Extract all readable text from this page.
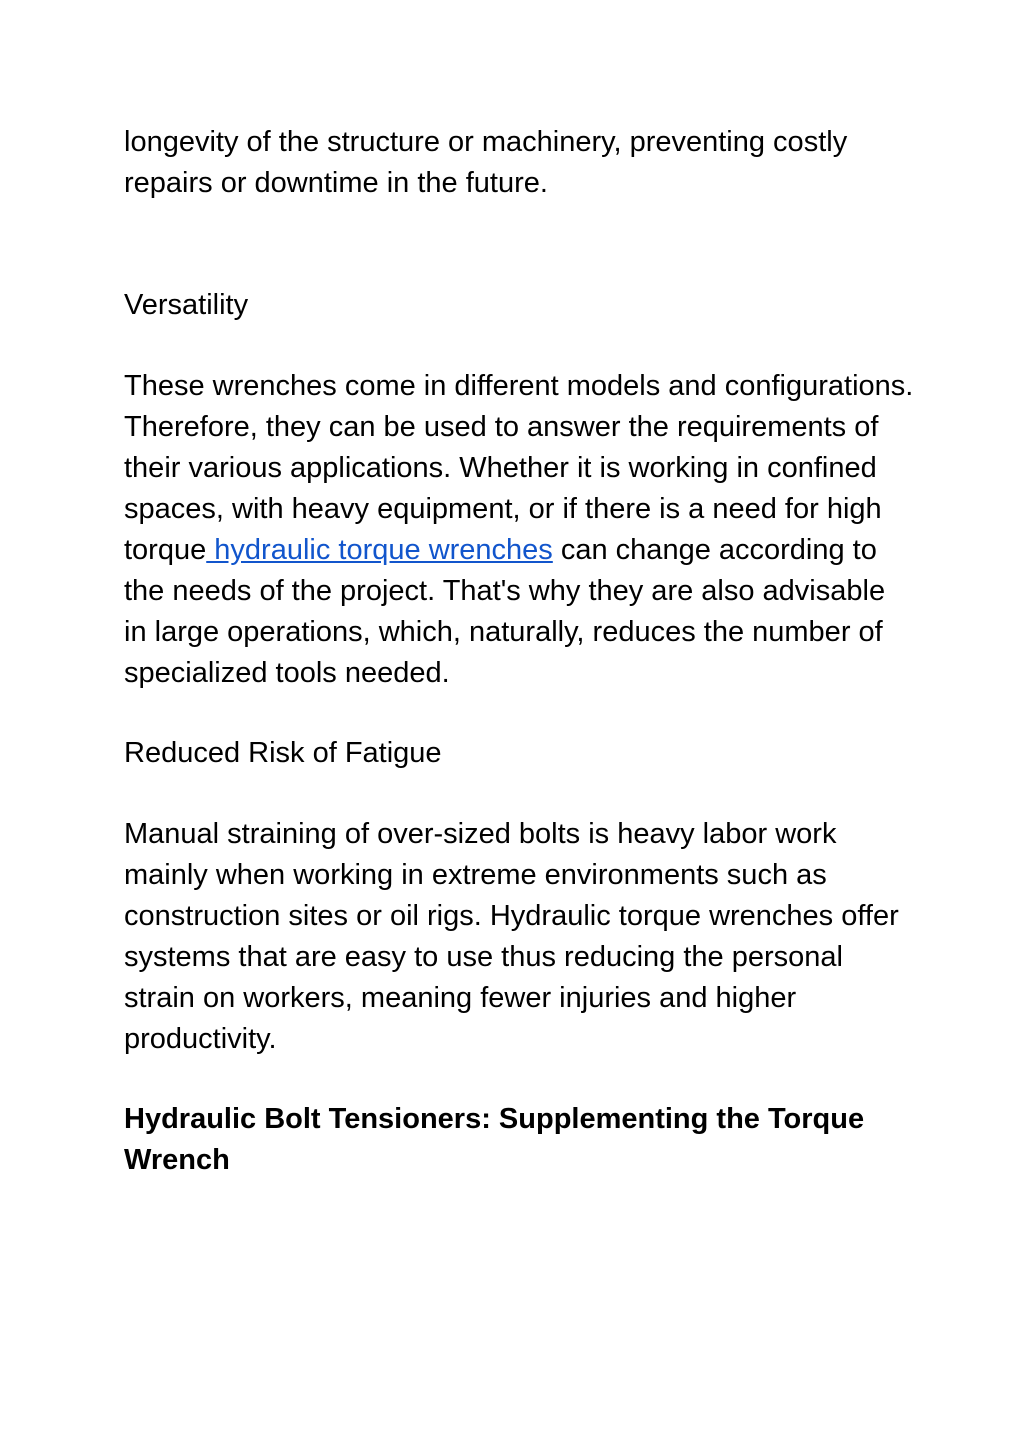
longevity of the structure or machinery, preventing costly repairs or downtime in the future.

Versatility

These wrenches come in different models and configurations. Therefore, they can be used to answer the requirements of their various applications. Whether it is working in confined spaces, with heavy equipment, or if there is a need for high torque hydraulic torque wrenches can change according to the needs of the project. That's why they are also advisable in large operations, which, naturally, reduces the number of specialized tools needed.

Reduced Risk of Fatigue

Manual straining of over-sized bolts is heavy labor work mainly when working in extreme environments such as construction sites or oil rigs. Hydraulic torque wrenches offer systems that are easy to use thus reducing the personal strain on workers, meaning fewer injuries and higher productivity.

Hydraulic Bolt Tensioners: Supplementing the Torque Wrench
